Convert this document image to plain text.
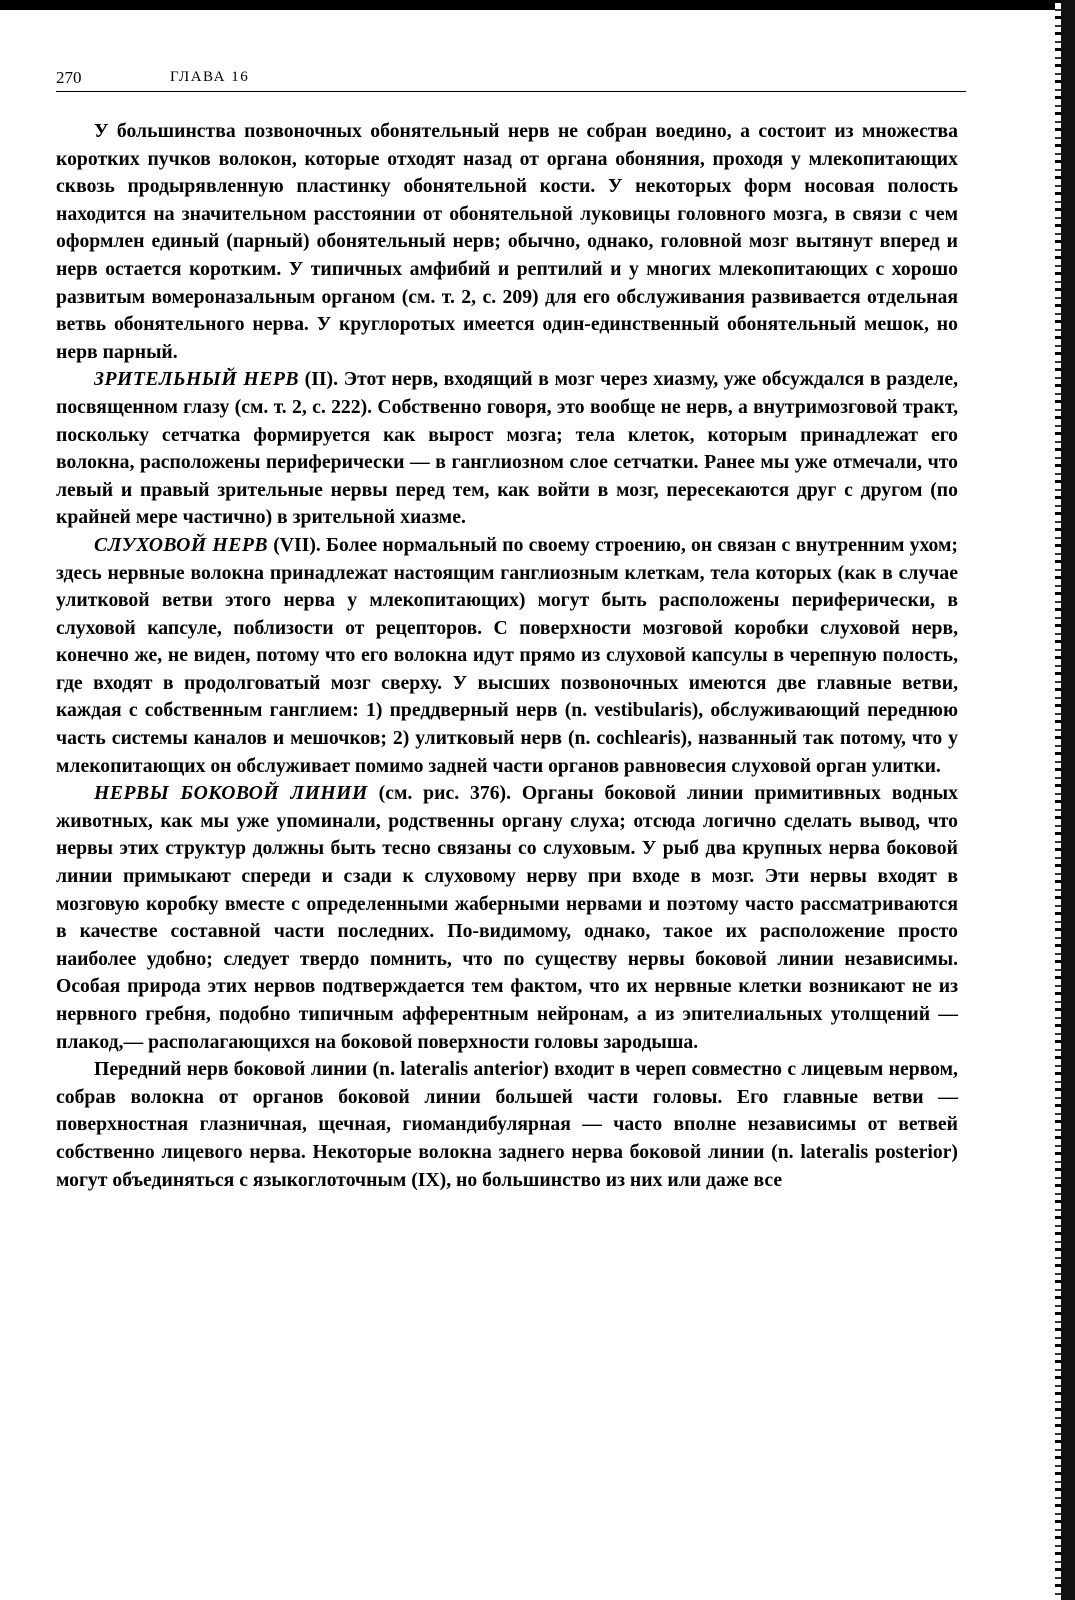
270	ГЛАВА 16

У большинства позвоночных обонятельный нерв не собран воедино, а состоит из множества коротких пучков волокон, которые отходят назад от органа обоняния, проходя у млекопитающих сквозь продырявленную пластинку обонятельной кости. У некоторых форм носовая полость находится на значительном расстоянии от обонятельной луковицы головного мозга, в связи с чем оформлен единый (парный) обонятельный нерв; обычно, однако, головной мозг вытянут вперед и нерв остается коротким. У типичных амфибий и рептилий и у многих млекопитающих с хорошо развитым вомероназальным органом (см. т. 2, с. 209) для его обслуживания развивается отдельная ветвь обонятельного нерва. У круглоротых имеется один-единственный обонятельный мешок, но нерв парный.

ЗРИТЕЛЬНЫЙ НЕРВ (II). Этот нерв, входящий в мозг через хиазму, уже обсуждался в разделе, посвященном глазу (см. т. 2, с. 222). Собственно говоря, это вообще не нерв, а внутримозговой тракт, поскольку сетчатка формируется как вырост мозга; тела клеток, которым принадлежат его волокна, расположены периферически — в ганглиозном слое сетчатки. Ранее мы уже отмечали, что левый и правый зрительные нервы перед тем, как войти в мозг, пересекаются друг с другом (по крайней мере частично) в зрительной хиазме.

СЛУХОВОЙ НЕРВ (VII). Более нормальный по своему строению, он связан с внутренним ухом; здесь нервные волокна принадлежат настоящим ганглиозным клеткам, тела которых (как в случае улитковой ветви этого нерва у млекопитающих) могут быть расположены периферически, в слуховой капсуле, поблизости от рецепторов. С поверхности мозговой коробки слуховой нерв, конечно же, не виден, потому что его волокна идут прямо из слуховой капсулы в черепную полость, где входят в продолговатый мозг сверху. У высших позвоночных имеются две главные ветви, каждая с собственным ганглием: 1) преддверный нерв (n. vestibularis), обслуживающий переднюю часть системы каналов и мешочков; 2) улитковый нерв (n. cochlearis), названный так потому, что у млекопитающих он обслуживает помимо задней части органов равновесия слуховой орган улитки.

НЕРВЫ БОКОВОЙ ЛИНИИ (см. рис. 376). Органы боковой линии примитивных водных животных, как мы уже упоминали, родственны органу слуха; отсюда логично сделать вывод, что нервы этих структур должны быть тесно связаны со слуховым. У рыб два крупных нерва боковой линии примыкают спереди и сзади к слуховому нерву при входе в мозг. Эти нервы входят в мозговую коробку вместе с определенными жаберными нервами и поэтому часто рассматриваются в качестве составной части последних. По-видимому, однако, такое их расположение просто наиболее удобно; следует твердо помнить, что по существу нервы боковой линии независимы. Особая природа этих нервов подтверждается тем фактом, что их нервные клетки возникают не из нервного гребня, подобно типичным афферентным нейронам, а из эпителиальных утолщений — плакод,— располагающихся на боковой поверхности головы зародыша.

Передний нерв боковой линии (n. lateralis anterior) входит в череп совместно с лицевым нервом, собрав волокна от органов боковой линии большей части головы. Его главные ветви — поверхностная глазничная, щечная, гиомандибулярная — часто вполне независимы от ветвей собственно лицевого нерва. Некоторые волокна заднего нерва боковой линии (n. lateralis posterior) могут объединяться с языкоглоточным (IX), но большинство из них или даже все
